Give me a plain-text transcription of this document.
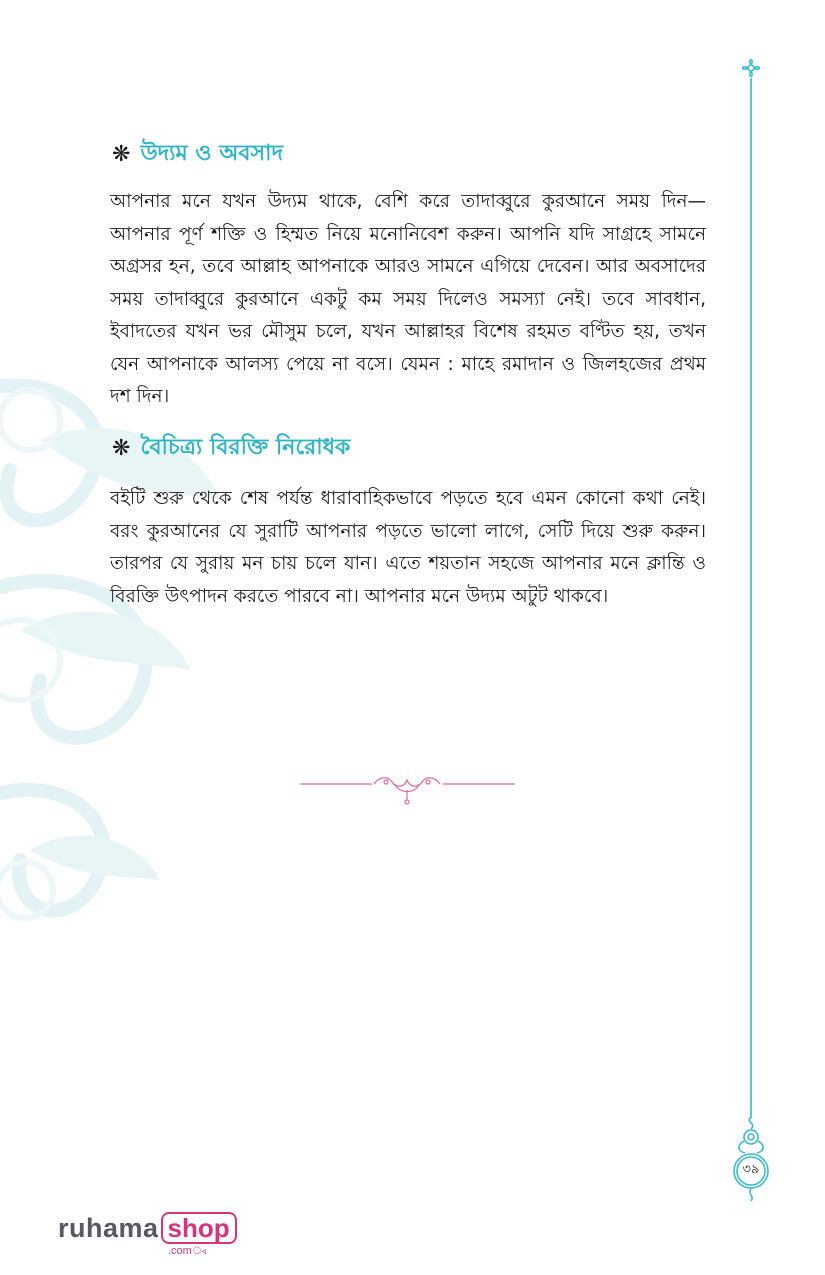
৩৯
❋ উদ্যম ও অবসাদ
আপনার মনে যখন উদ্যম থাকে, বেশি করে তাদাব্বুরে কুরআনে সময় দিন—আপনার পূর্ণ শক্তি ও হিম্মত নিয়ে মনোনিবেশ করুন। আপনি যদি সাগ্রহে সামনে অগ্রসর হন, তবে আল্লাহ আপনাকে আরও সামনে এগিয়ে দেবেন। আর অবসাদের সময় তাদাব্বুরে কুরআনে একটু কম সময় দিলেও সমস্যা নেই। তবে সাবধান, ইবাদতের যখন ভর মৌসুম চলে, যখন আল্লাহর বিশেষ রহমত বণ্টিত হয়, তখন যেন আপনাকে আলস্য পেয়ে না বসে। যেমন : মাহে রমাদান ও জিলহজের প্রথম দশ দিন।
❋ বৈচিত্র্য বিরক্তি নিরোধক
বইটি শুরু থেকে শেষ পর্যন্ত ধারাবাহিকভাবে পড়তে হবে এমন কোনো কথা নেই। বরং কুরআনের যে সুরাটি আপনার পড়তে ভালো লাগে, সেটি দিয়ে শুরু করুন। তারপর যে সুরায় মন চায় চলে যান। এতে শয়তান সহজে আপনার মনে ক্লান্তি ও বিরক্তি উৎপাদন করতে পারবে না। আপনার মনে উদ্যম অটুট থাকবে।
ruhama shop
.com্ব
